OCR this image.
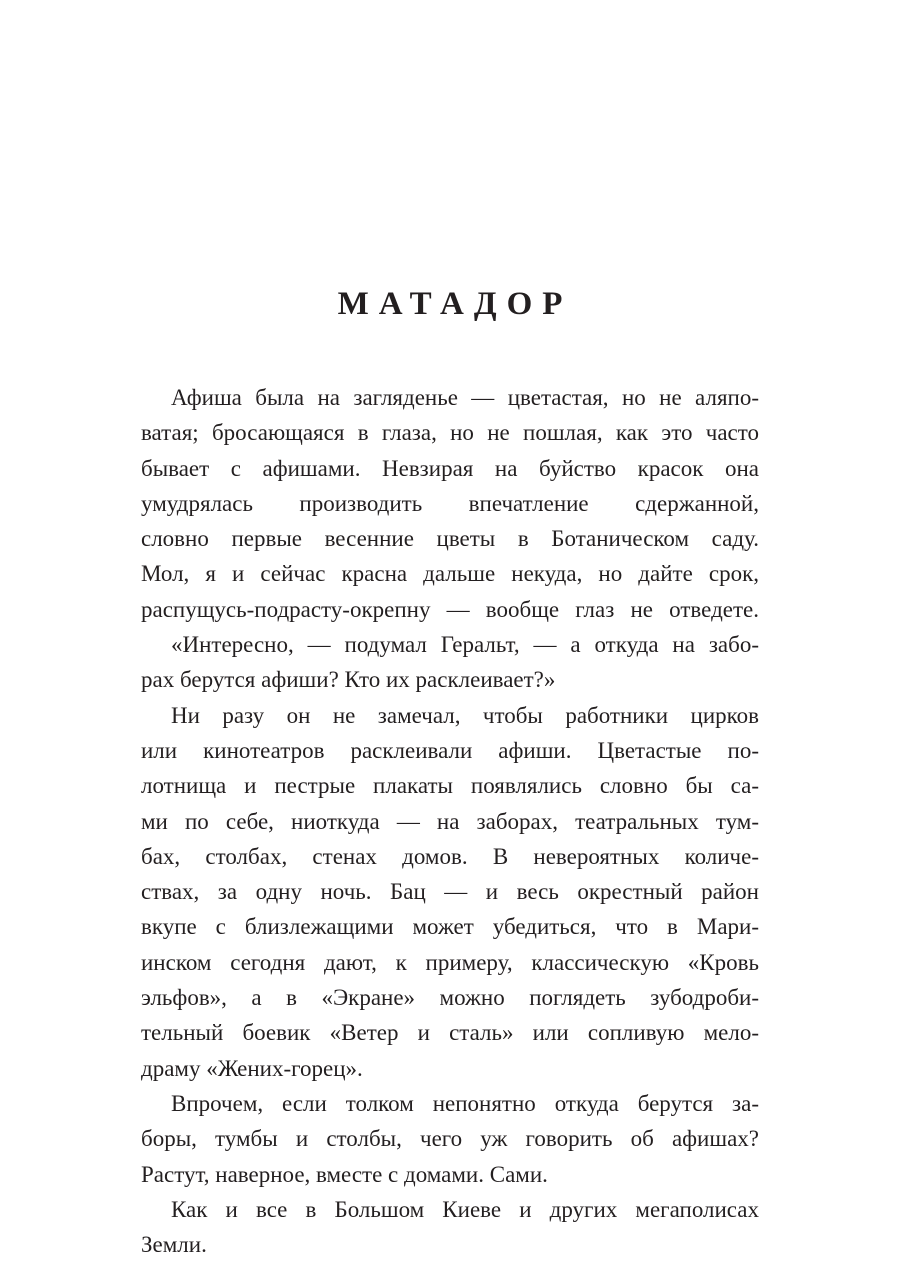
МАТАДОР

Афиша была на загляденье — цветастая, но не аляпо-
ватая; бросающаяся в глаза, но не пошлая, как это часто
бывает с афишами. Невзирая на буйство красок она
умудрялась производить впечатление сдержанной,
словно первые весенние цветы в Ботаническом саду.
Мол, я и сейчас красна дальше некуда, но дайте срок,
распущусь-подрасту-окрепну — вообще глаз не отведете.

«Интересно, — подумал Геральт, — а откуда на забо-
рах берутся афиши? Кто их расклеивает?»

Ни разу он не замечал, чтобы работники цирков
или кинотеатров расклеивали афиши. Цветастые по-
лотнища и пестрые плакаты появлялись словно бы са-
ми по себе, ниоткуда — на заборах, театральных тум-
бах, столбах, стенах домов. В невероятных количе-
ствах, за одну ночь. Бац — и весь окрестный район
вкупе с близлежащими может убедиться, что в Мари-
инском сегодня дают, к примеру, классическую «Кровь
эльфов», а в «Экране» можно поглядеть зубодроби-
тельный боевик «Ветер и сталь» или сопливую мело-
драму «Жених-горец».

Впрочем, если толком непонятно откуда берутся за-
боры, тумбы и столбы, чего уж говорить об афишах?
Растут, наверное, вместе с домами. Сами.

Как и все в Большом Киеве и других мегаполисах
Земли.
